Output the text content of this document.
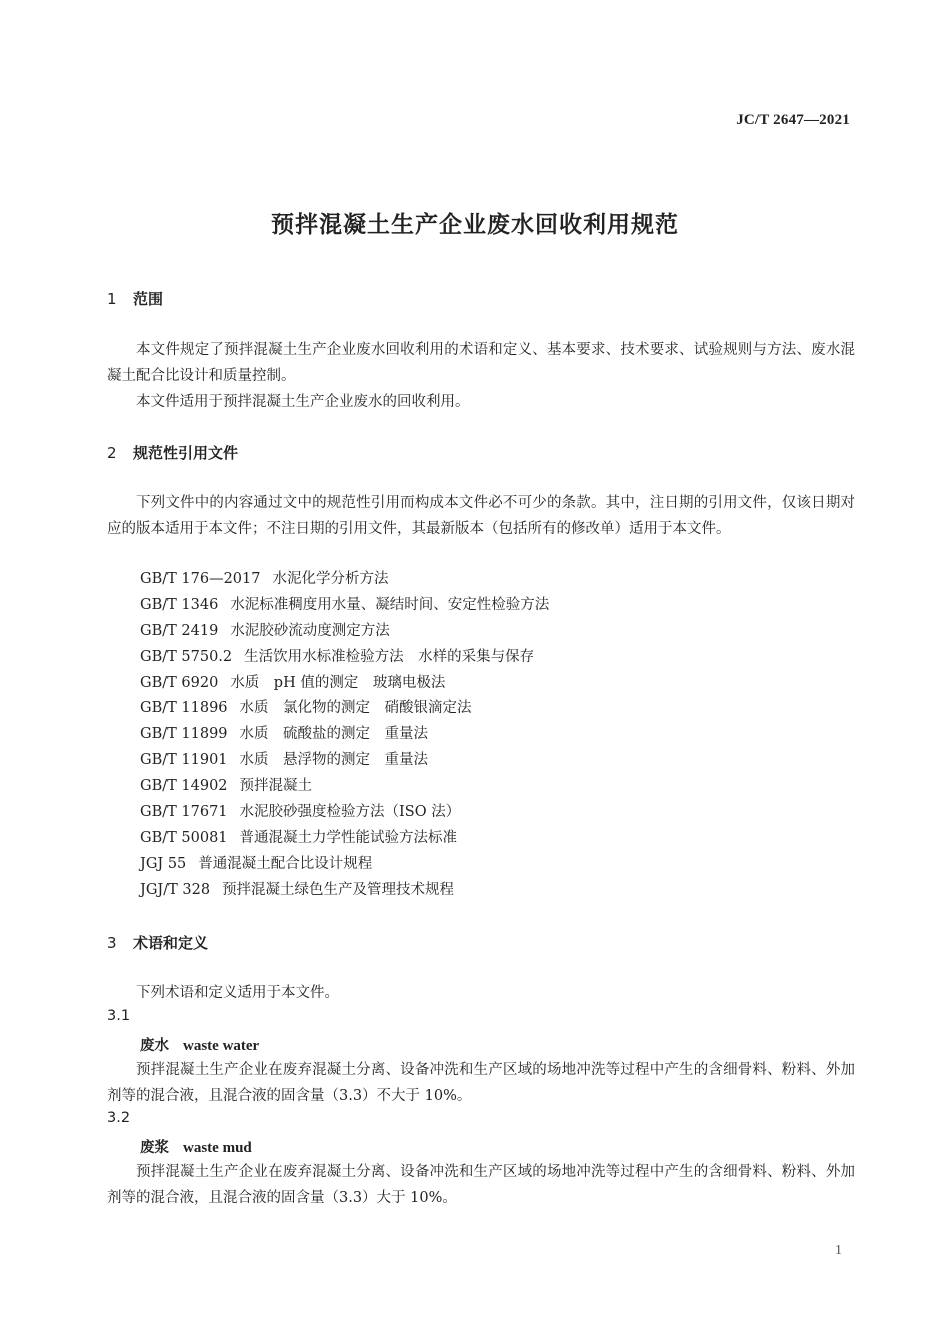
JC/T 2647—2021
预拌混凝土生产企业废水回收利用规范
1 范围

本文件规定了预拌混凝土生产企业废水回收利用的术语和定义、基本要求、技术要求、试验规则与方法、废水混凝土配合比设计和质量控制。

本文件适用于预拌混凝土生产企业废水的回收利用。

2 规范性引用文件

下列文件中的内容通过文中的规范性引用而构成本文件必不可少的条款。其中，注日期的引用文件，仅该日期对应的版本适用于本文件；不注日期的引用文件，其最新版本（包括所有的修改单）适用于本文件。

GB/T 176—2017 水泥化学分析方法
GB/T 1346 水泥标准稠度用水量、凝结时间、安定性检验方法
GB/T 2419 水泥胶砂流动度测定方法
GB/T 5750.2 生活饮用水标准检验方法　水样的采集与保存
GB/T 6920 水质　pH 值的测定　玻璃电极法
GB/T 11896 水质　氯化物的测定　硝酸银滴定法
GB/T 11899 水质　硫酸盐的测定　重量法
GB/T 11901 水质　悬浮物的测定　重量法
GB/T 14902 预拌混凝土
GB/T 17671 水泥胶砂强度检验方法（ISO 法）
GB/T 50081 普通混凝土力学性能试验方法标准
JGJ 55 普通混凝土配合比设计规程
JGJ/T 328 预拌混凝土绿色生产及管理技术规程
3 术语和定义

下列术语和定义适用于本文件。

3.1
废水 waste water

预拌混凝土生产企业在废弃混凝土分离、设备冲洗和生产区域的场地冲洗等过程中产生的含细骨料、粉料、外加剂等的混合液，且混合液的固含量（3.3）不大于 10%。

3.2
废浆 waste mud

预拌混凝土生产企业在废弃混凝土分离、设备冲洗和生产区域的场地冲洗等过程中产生的含细骨料、粉料、外加剂等的混合液，且混合液的固含量（3.3）大于 10%。

1
